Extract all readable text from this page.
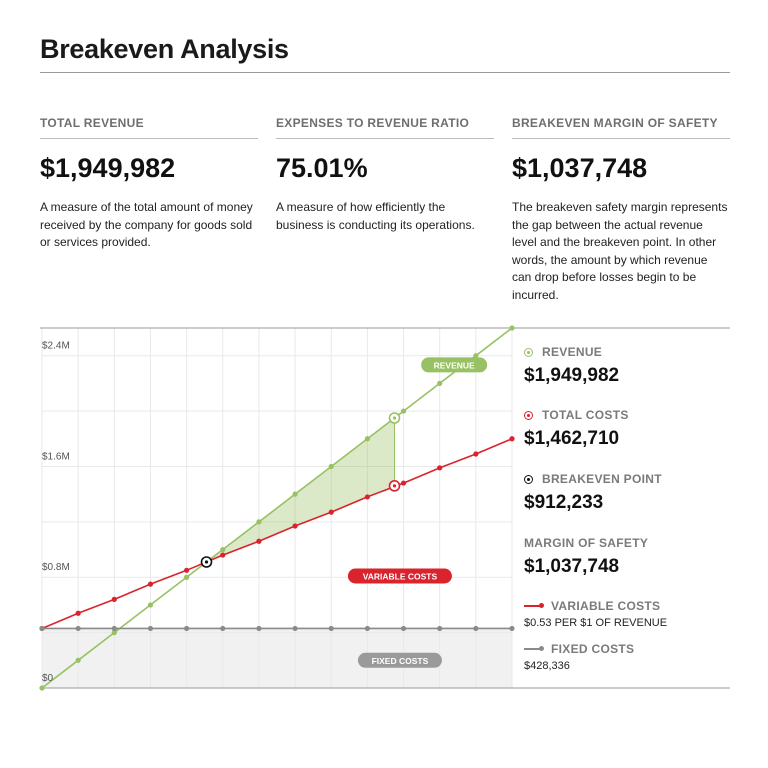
Breakeven Analysis
TOTAL REVENUE
$1,949,982
A measure of the total amount of money received by the company for goods sold or services provided.
EXPENSES TO REVENUE RATIO
75.01%
A measure of how efficiently the business is conducting its operations.
BREAKEVEN MARGIN OF SAFETY
$1,037,748
The breakeven safety margin represents the gap between the actual revenue level and the breakeven point. In other words, the amount by which revenue can drop before losses begin to be incurred.
$0
$0.8M
$1.6M
$2.4M
REVENUE
VARIABLE COSTS
FIXED COSTS
REVENUE
$1,949,982
TOTAL COSTS
$1,462,710
BREAKEVEN POINT
$912,233
MARGIN OF SAFETY
$1,037,748
VARIABLE COSTS
$0.53 PER $1 OF REVENUE
FIXED COSTS
$428,336
